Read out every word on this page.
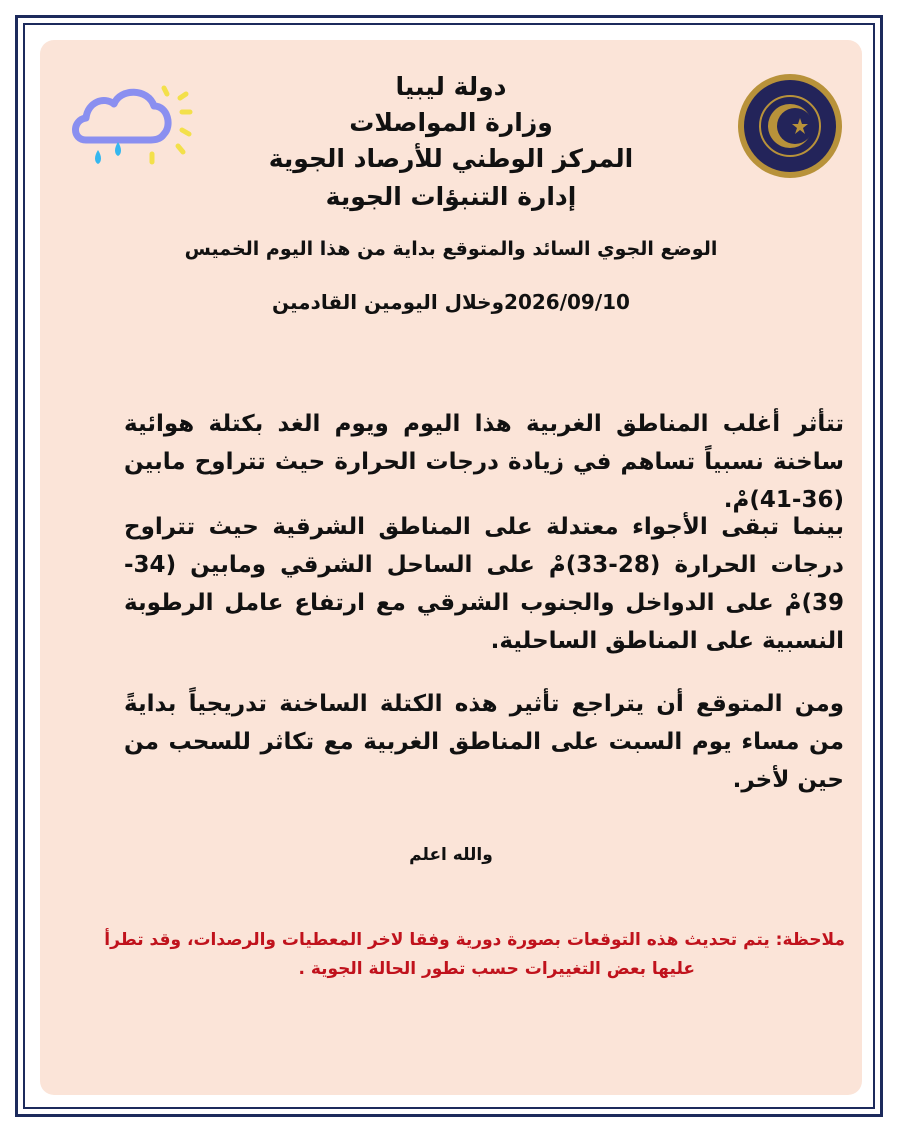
دولة ليبيا
وزارة المواصلات
المركز الوطني للأرصاد الجوية
إدارة التنبؤات الجوية
الوضع الجوي السائد والمتوقع بداية من هذا اليوم الخميس
2026/09/10وخلال اليومين القادمين
تتأثر أغلب المناطق الغربية هذا اليوم ويوم الغد بكتلة هوائية ساخنة نسبياً تساهم في زيادة درجات الحرارة حيث تتراوح مابين (36-41)مْ.
بينما تبقى الأجواء معتدلة على المناطق الشرقية حيث تتراوح درجات الحرارة (28-33)مْ على الساحل الشرقي ومابين (34-39)مْ على الدواخل والجنوب الشرقي مع ارتفاع عامل الرطوبة النسبية على المناطق الساحلية.
ومن المتوقع أن يتراجع تأثير هذه الكتلة الساخنة تدريجياً بدايةً من مساء يوم السبت على المناطق الغربية مع تكاثر للسحب من حين لأخر.
والله اعلم
ملاحظة: يتم تحديث هذه التوقعات بصورة دورية وفقا لاخر المعطيات والرصدات، وقد تطرأ
عليها بعض التغييرات حسب تطور الحالة الجوية .
